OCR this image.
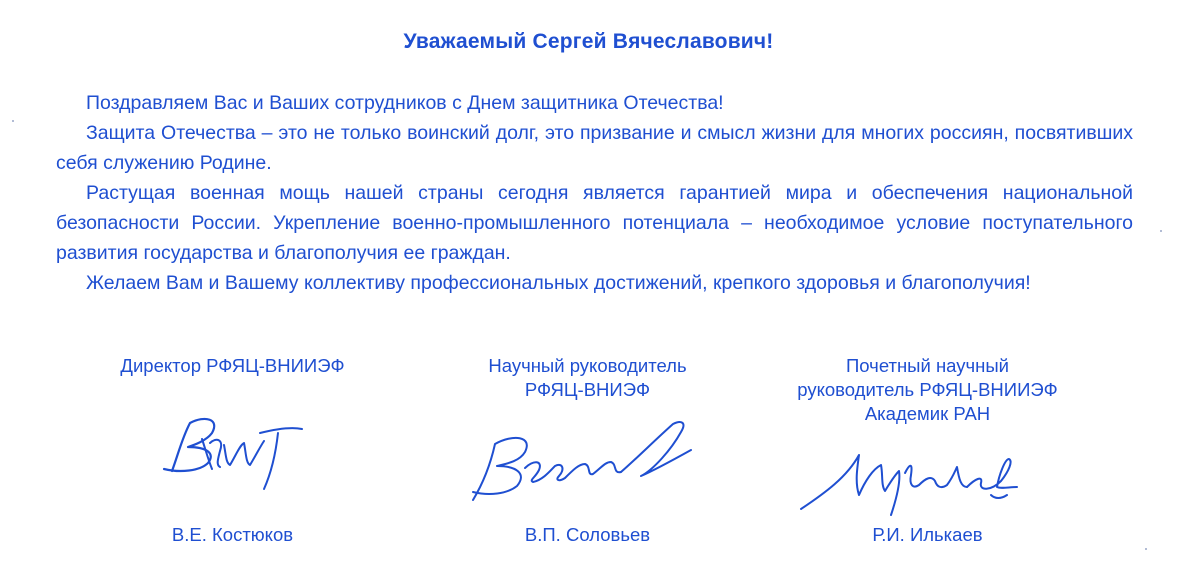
Уважаемый Сергей Вячеславович!

Поздравляем Вас и Ваших сотрудников с Днем защитника Отечества!

Защита Отечества – это не только воинский долг, это призвание и смысл жизни для многих россиян, посвятивших себя служению Родине.

Растущая военная мощь нашей страны сегодня является гарантией мира и обеспечения национальной безопасности России. Укрепление военно-промышленного потенциала – необходимое условие поступательного развития государства и благополучия ее граждан.

Желаем Вам и Вашему коллективу профессиональных достижений, крепкого здоровья и благополучия!

Директор РФЯЦ-ВНИИЭФ
В.Е. Костюков
Научный руководитель
РФЯЦ-ВНИЭФ
В.П. Соловьев
Почетный научный
руководитель РФЯЦ-ВНИИЭФ
Академик РАН
Р.И. Илькаев
